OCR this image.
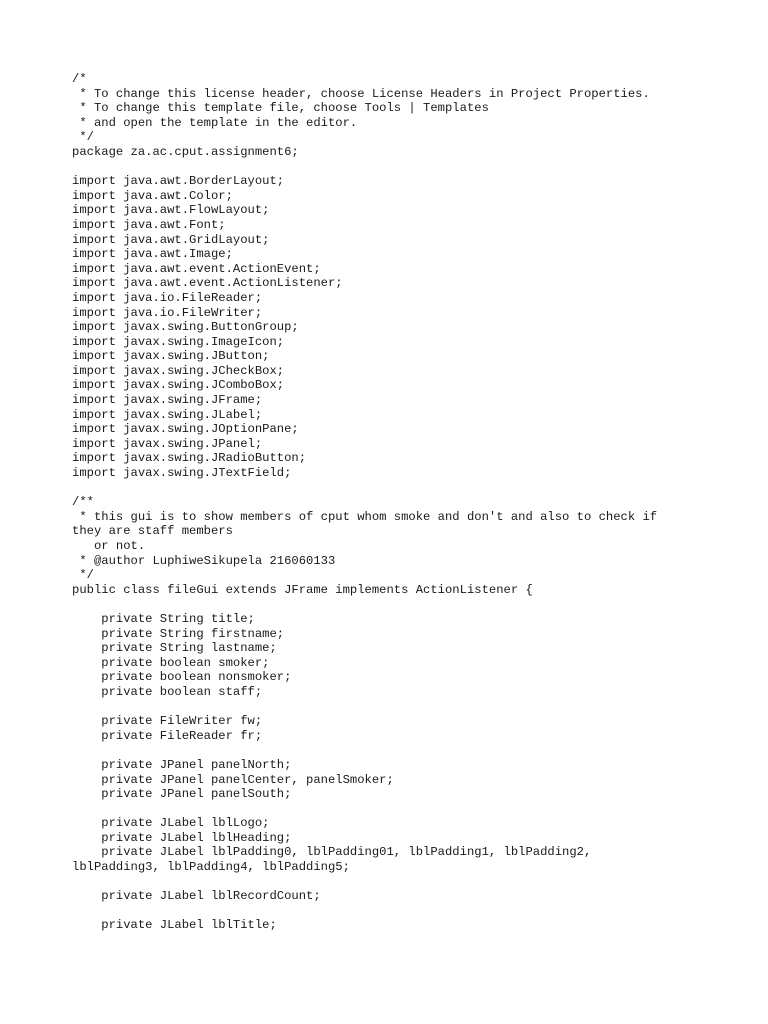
/*
* To change this license header, choose License Headers in Project Properties.
* To change this template file, choose Tools | Templates
* and open the template in the editor.
*/
package za.ac.cput.assignment6;
import java.awt.BorderLayout;
import java.awt.Color;
import java.awt.FlowLayout;
import java.awt.Font;
import java.awt.GridLayout;
import java.awt.Image;
import java.awt.event.ActionEvent;
import java.awt.event.ActionListener;
import java.io.FileReader;
import java.io.FileWriter;
import javax.swing.ButtonGroup;
import javax.swing.ImageIcon;
import javax.swing.JButton;
import javax.swing.JCheckBox;
import javax.swing.JComboBox;
import javax.swing.JFrame;
import javax.swing.JLabel;
import javax.swing.JOptionPane;
import javax.swing.JPanel;
import javax.swing.JRadioButton;
import javax.swing.JTextField;
/**
* this gui is to show members of cput whom smoke and don't and also to check if
they are staff members
or not.
* @author LuphiweSikupela 216060133
*/
public class fileGui extends JFrame implements ActionListener {
private String title;
private String firstname;
private String lastname;
private boolean smoker;
private boolean nonsmoker;
private boolean staff;
private FileWriter fw;
private FileReader fr;
private JPanel panelNorth;
private JPanel panelCenter, panelSmoker;
private JPanel panelSouth;
private JLabel lblLogo;
private JLabel lblHeading;
private JLabel lblPadding0, lblPadding01, lblPadding1, lblPadding2,
lblPadding3, lblPadding4, lblPadding5;
private JLabel lblRecordCount;
private JLabel lblTitle;
